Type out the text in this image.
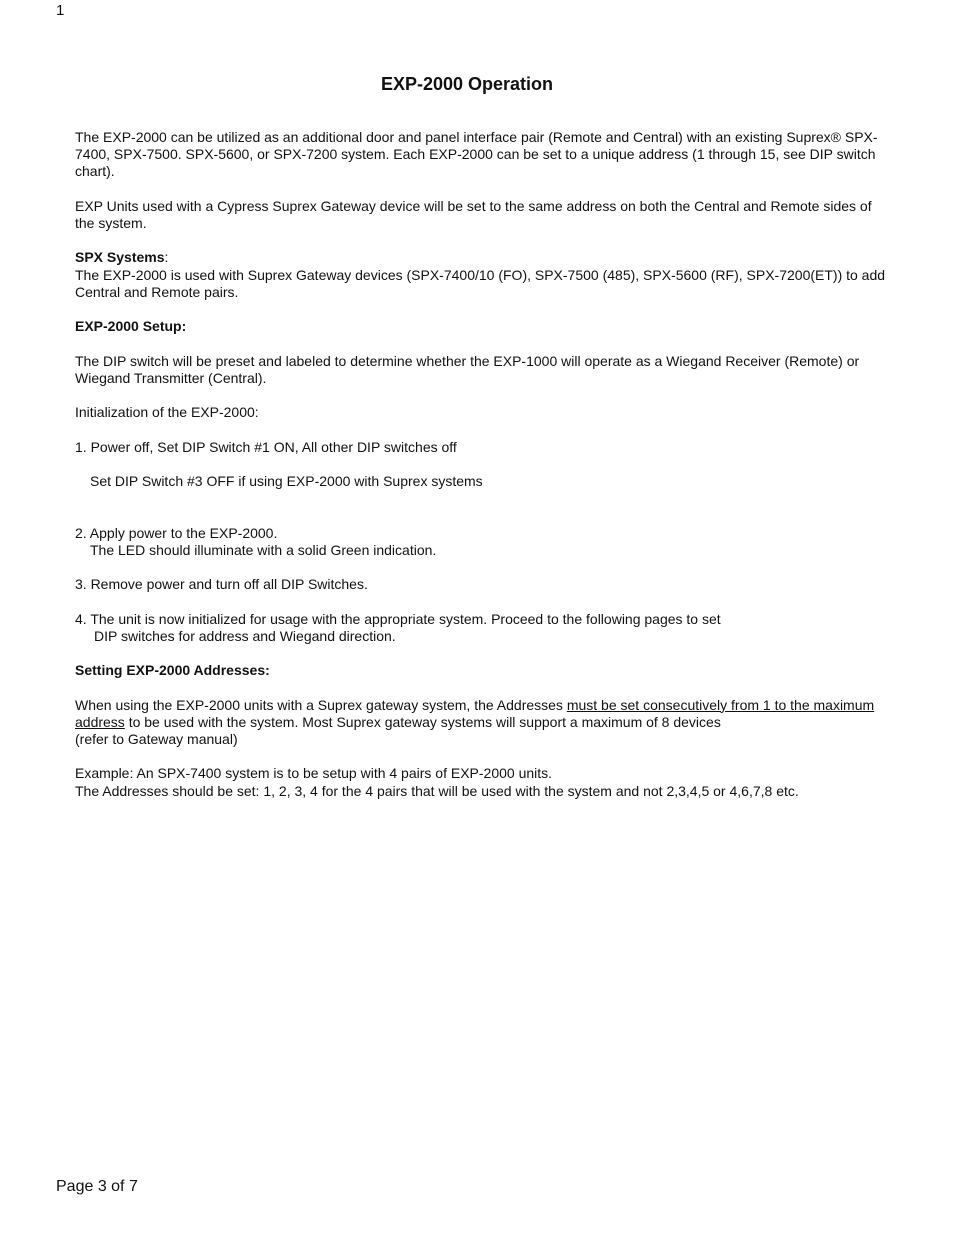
1
EXP-2000 Operation

The EXP-2000 can be utilized as an additional door and panel interface pair (Remote and Central) with an existing Suprex® SPX-7400, SPX-7500. SPX-5600, or SPX-7200 system. Each EXP-2000 can be set to a unique address (1 through 15, see DIP switch chart).

EXP Units used with a Cypress Suprex Gateway device will be set to the same address on both the Central and Remote sides of the system.

SPX Systems:

The EXP-2000 is used with Suprex Gateway devices (SPX-7400/10 (FO), SPX-7500 (485), SPX-5600 (RF), SPX-7200(ET)) to add Central and Remote pairs.

EXP-2000 Setup:

The DIP switch will be preset and labeled to determine whether the EXP-1000 will operate as a Wiegand Receiver (Remote) or Wiegand Transmitter (Central).

Initialization of the EXP-2000:

1. Power off, Set DIP Switch #1 ON, All other DIP switches off

Set DIP Switch #3 OFF if using EXP-2000 with Suprex systems

2. Apply power to the EXP-2000.

The LED should illuminate with a solid Green indication.

3. Remove power and turn off all DIP Switches.

4. The unit is now initialized for usage with the appropriate system. Proceed to the following pages to set

DIP switches for address and Wiegand direction.

Setting EXP-2000 Addresses:

When using the EXP-2000 units with a Suprex gateway system, the Addresses must be set consecutively from 1 to the maximum address to be used with the system. Most Suprex gateway systems will support a maximum of 8 devices

(refer to Gateway manual)

Example: An SPX-7400 system is to be setup with 4 pairs of EXP-2000 units.

The Addresses should be set: 1, 2, 3, 4 for the 4 pairs that will be used with the system and not 2,3,4,5 or 4,6,7,8 etc.

Page 3 of 7
